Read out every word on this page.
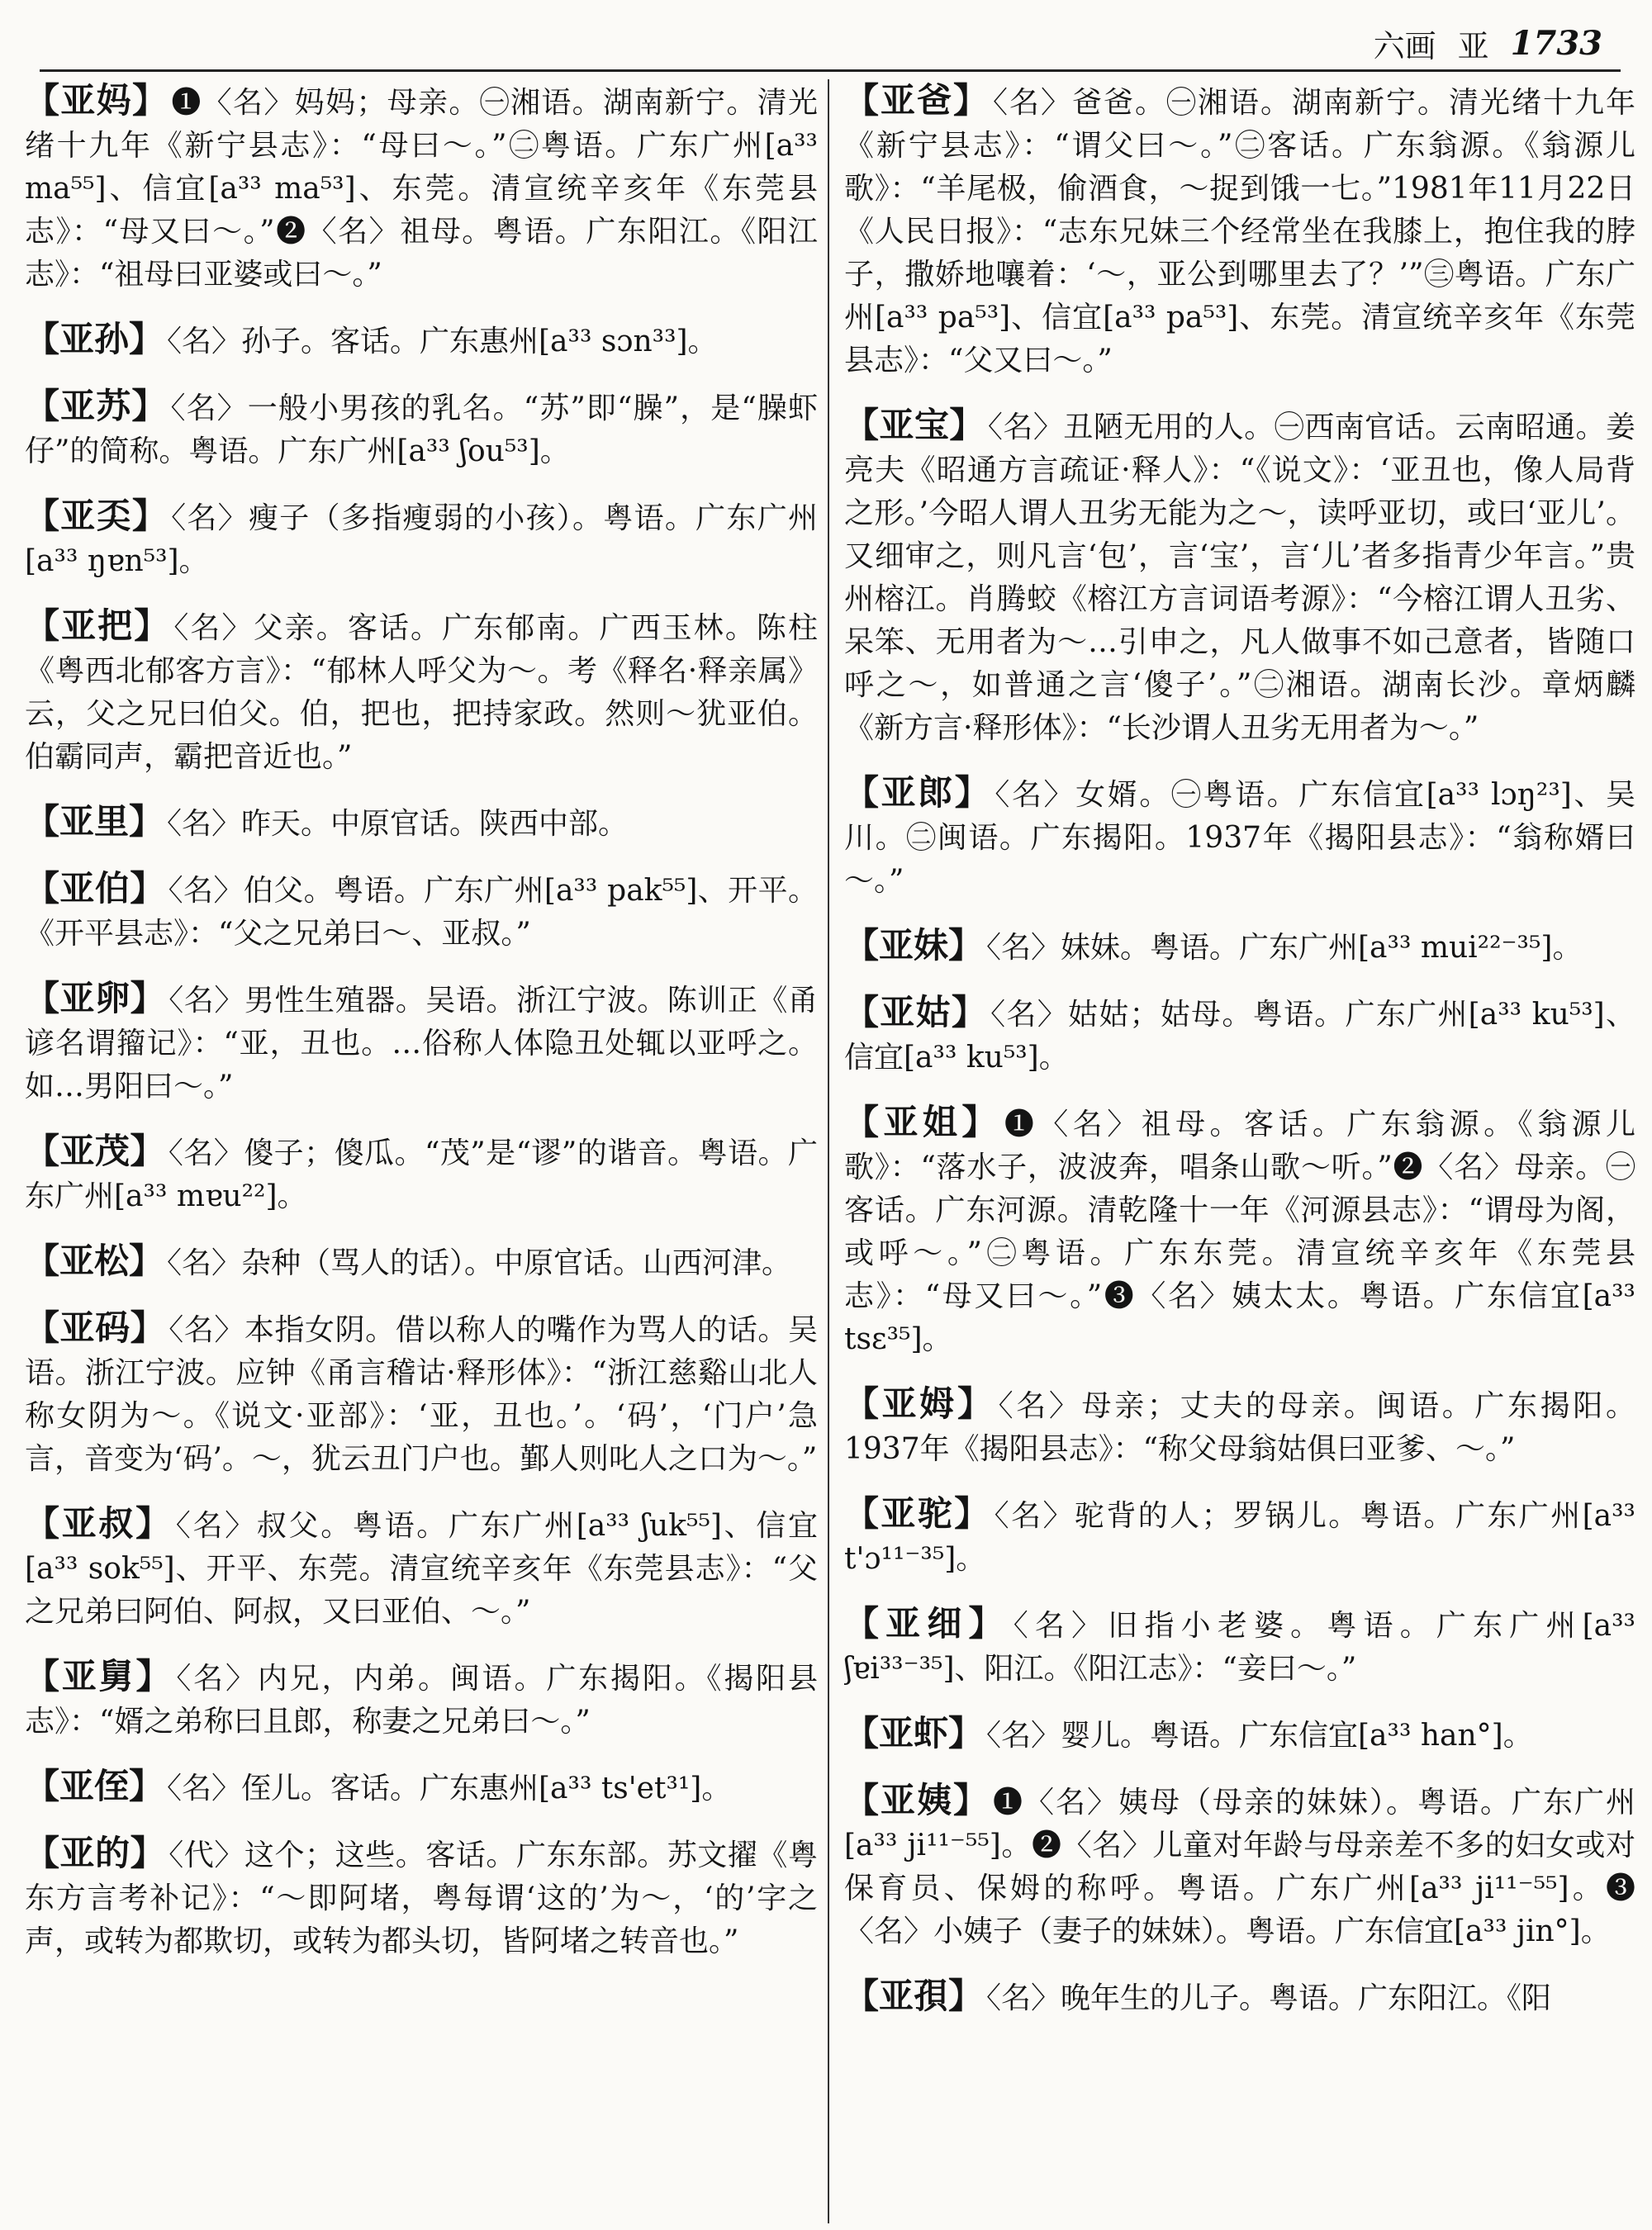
六画 亚 1733
【亚妈】 ❶〈名〉妈妈；母亲。㊀湘语。湖南新宁。清光绪十九年《新宁县志》：“母曰～。”㊁粤语。广东广州[a³³ ma⁵⁵]、信宜[a³³ ma⁵³]、东莞。清宣统辛亥年《东莞县志》：“母又曰～。”❷〈名〉祖母。粤语。广东阳江。《阳江志》：“祖母曰亚婆或曰～。”
【亚孙】 〈名〉孙子。客话。广东惠州[a³³ sɔn³³]。
【亚苏】 〈名〉一般小男孩的乳名。“苏”即“臊”，是“臊虾仔”的简称。粤语。广东广州[a³³ ʃou⁵³]。
【亚奀】 〈名〉瘦子（多指瘦弱的小孩）。粤语。广东广州[a³³ ŋɐn⁵³]。
【亚把】 〈名〉父亲。客话。广东郁南。广西玉林。陈柱《粤西北郁客方言》：“郁林人呼父为～。考《释名·释亲属》云，父之兄曰伯父。伯，把也，把持家政。然则～犹亚伯。伯霸同声，霸把音近也。”
【亚里】 〈名〉昨天。中原官话。陕西中部。
【亚伯】 〈名〉伯父。粤语。广东广州[a³³ pak⁵⁵]、开平。《开平县志》：“父之兄弟曰～、亚叔。”
【亚卵】 〈名〉男性生殖器。吴语。浙江宁波。陈训正《甬谚名谓籀记》：“亚，丑也。…俗称人体隐丑处辄以亚呼之。如…男阳曰～。”
【亚茂】 〈名〉傻子；傻瓜。“茂”是“谬”的谐音。粤语。广东广州[a³³ mɐu²²]。
【亚松】 〈名〉杂种（骂人的话）。中原官话。山西河津。
【亚码】 〈名〉本指女阴。借以称人的嘴作为骂人的话。吴语。浙江宁波。应钟《甬言稽诂·释形体》：“浙江慈谿山北人称女阴为～。《说文·亚部》：‘亚，丑也。’。‘码’，‘门户’急言，音变为‘码’。～，犹云丑门户也。鄞人则叱人之口为～。”
【亚叔】 〈名〉叔父。粤语。广东广州[a³³ ʃuk⁵⁵]、信宜[a³³ sok⁵⁵]、开平、东莞。清宣统辛亥年《东莞县志》：“父之兄弟曰阿伯、阿叔，又曰亚伯、～。”
【亚舅】 〈名〉内兄，内弟。闽语。广东揭阳。《揭阳县志》：“婿之弟称曰且郎，称妻之兄弟曰～。”
【亚侄】 〈名〉侄儿。客话。广东惠州[a³³ ts'et³¹]。
【亚的】 〈代〉这个；这些。客话。广东东部。苏文擢《粤东方言考补记》：“～即阿堵，粤每谓‘这的’为～，‘的’字之声，或转为都欺切，或转为都头切，皆阿堵之转音也。”
【亚爸】 〈名〉爸爸。㊀湘语。湖南新宁。清光绪十九年《新宁县志》：“谓父曰～。”㊁客话。广东翁源。《翁源儿歌》：“羊尾极，偷酒食，～捉到饿一七。”1981年11月22日《人民日报》：“志东兄妹三个经常坐在我膝上，抱住我的脖子，撒娇地嚷着：‘～，亚公到哪里去了？’”㊂粤语。广东广州[a³³ pa⁵³]、信宜[a³³ pa⁵³]、东莞。清宣统辛亥年《东莞县志》：“父又曰～。”
【亚宝】 〈名〉丑陋无用的人。㊀西南官话。云南昭通。姜亮夫《昭通方言疏证·释人》：“《说文》：‘亚丑也，像人局背之形。’今昭人谓人丑劣无能为之～，读呼亚切，或曰‘亚儿’。又细审之，则凡言‘包’，言‘宝’，言‘儿’者多指青少年言。”贵州榕江。肖腾蛟《榕江方言词语考源》：“今榕江谓人丑劣、呆笨、无用者为～…引申之，凡人做事不如己意者，皆随口呼之～，如普通之言‘傻子’。”㊁湘语。湖南长沙。章炳麟《新方言·释形体》：“长沙谓人丑劣无用者为～。”
【亚郎】 〈名〉女婿。㊀粤语。广东信宜[a³³ lɔŋ²³]、吴川。㊁闽语。广东揭阳。1937年《揭阳县志》：“翁称婿曰～。”
【亚妹】 〈名〉妹妹。粤语。广东广州[a³³ mui²²⁻³⁵]。
【亚姑】 〈名〉姑姑；姑母。粤语。广东广州[a³³ ku⁵³]、信宜[a³³ ku⁵³]。
【亚姐】 ❶〈名〉祖母。客话。广东翁源。《翁源儿歌》：“落水子，波波奔，唱条山歌～听。”❷〈名〉母亲。㊀客话。广东河源。清乾隆十一年《河源县志》：“谓母为阁，或呼～。”㊁粤语。广东东莞。清宣统辛亥年《东莞县志》：“母又曰～。”❸〈名〉姨太太。粤语。广东信宜[a³³ tsɛ³⁵]。
【亚姆】 〈名〉母亲；丈夫的母亲。闽语。广东揭阳。1937年《揭阳县志》：“称父母翁姑俱曰亚爹、～。”
【亚驼】 〈名〉驼背的人；罗锅儿。粤语。广东广州[a³³ t'ɔ¹¹⁻³⁵]。
【亚细】 〈名〉旧指小老婆。粤语。广东广州[a³³ ʃɐi³³⁻³⁵]、阳江。《阳江志》：“妾曰～。”
【亚虾】 〈名〉婴儿。粤语。广东信宜[a³³ han°]。
【亚姨】 ❶〈名〉姨母（母亲的妹妹）。粤语。广东广州[a³³ ji¹¹⁻⁵⁵]。❷〈名〉儿童对年龄与母亲差不多的妇女或对保育员、保姆的称呼。粤语。广东广州[a³³ ji¹¹⁻⁵⁵]。❸〈名〉小姨子（妻子的妹妹）。粤语。广东信宜[a³³ jin°]。
【亚孭】 〈名〉晚年生的儿子。粤语。广东阳江。《阳
